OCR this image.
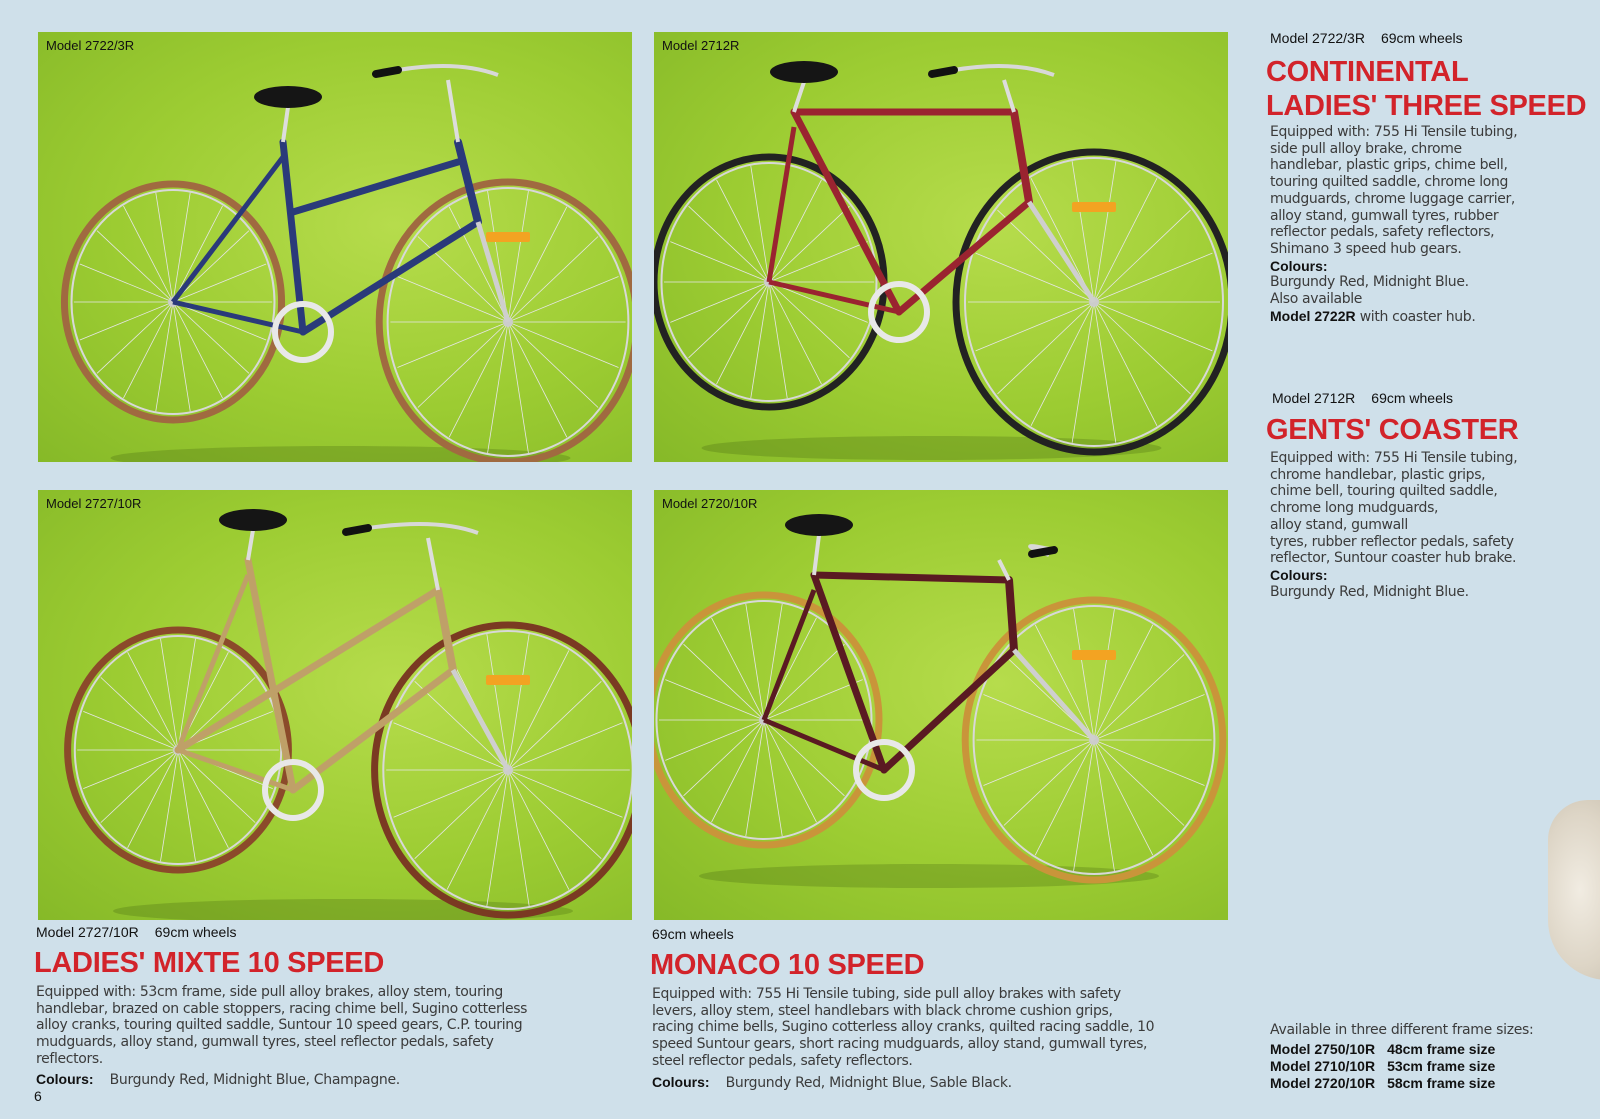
Model 2722/3R	Model 2712R
Model 2727/10R	Model 2720/10R
Model 2722/3R 69cm wheels
CONTINENTAL
LADIES' THREE SPEED
Equipped with: 755 Hi Tensile tubing,
side pull alloy brake, chrome
handlebar, plastic grips, chime bell,
touring quilted saddle, chrome long
mudguards, chrome luggage carrier,
alloy stand, gumwall tyres, rubber
reflector pedals, safety reflectors,
Shimano 3 speed hub gears.
Colours:
Burgundy Red, Midnight Blue.
Also available
Model 2722R with coaster hub.
Model 2712R 69cm wheels
GENTS' COASTER
Equipped with: 755 Hi Tensile tubing,
chrome handlebar, plastic grips,
chime bell, touring quilted saddle,
chrome long mudguards,
alloy stand, gumwall
tyres, rubber reflector pedals, safety
reflector, Suntour coaster hub brake.
Colours:
Burgundy Red, Midnight Blue.
Model 2727/10R 69cm wheels
LADIES' MIXTE 10 SPEED
Equipped with: 53cm frame, side pull alloy brakes, alloy stem, touring
handlebar, brazed on cable stoppers, racing chime bell, Sugino cotterless
alloy cranks, touring quilted saddle, Suntour 10 speed gears, C.P. touring
mudguards, alloy stand, gumwall tyres, steel reflector pedals, safety
reflectors.
Colours: Burgundy Red, Midnight Blue, Champagne.
6
69cm wheels
MONACO 10 SPEED
Equipped with: 755 Hi Tensile tubing, side pull alloy brakes with safety
levers, alloy stem, steel handlebars with black chrome cushion grips,
racing chime bells, Sugino cotterless alloy cranks, quilted racing saddle, 10
speed Suntour gears, short racing mudguards, alloy stand, gumwall tyres,
steel reflector pedals, safety reflectors.
Colours: Burgundy Red, Midnight Blue, Sable Black.
Available in three different frame sizes:
Model 2750/10R	48cm frame size
Model 2710/10R	53cm frame size
Model 2720/10R	58cm frame size
